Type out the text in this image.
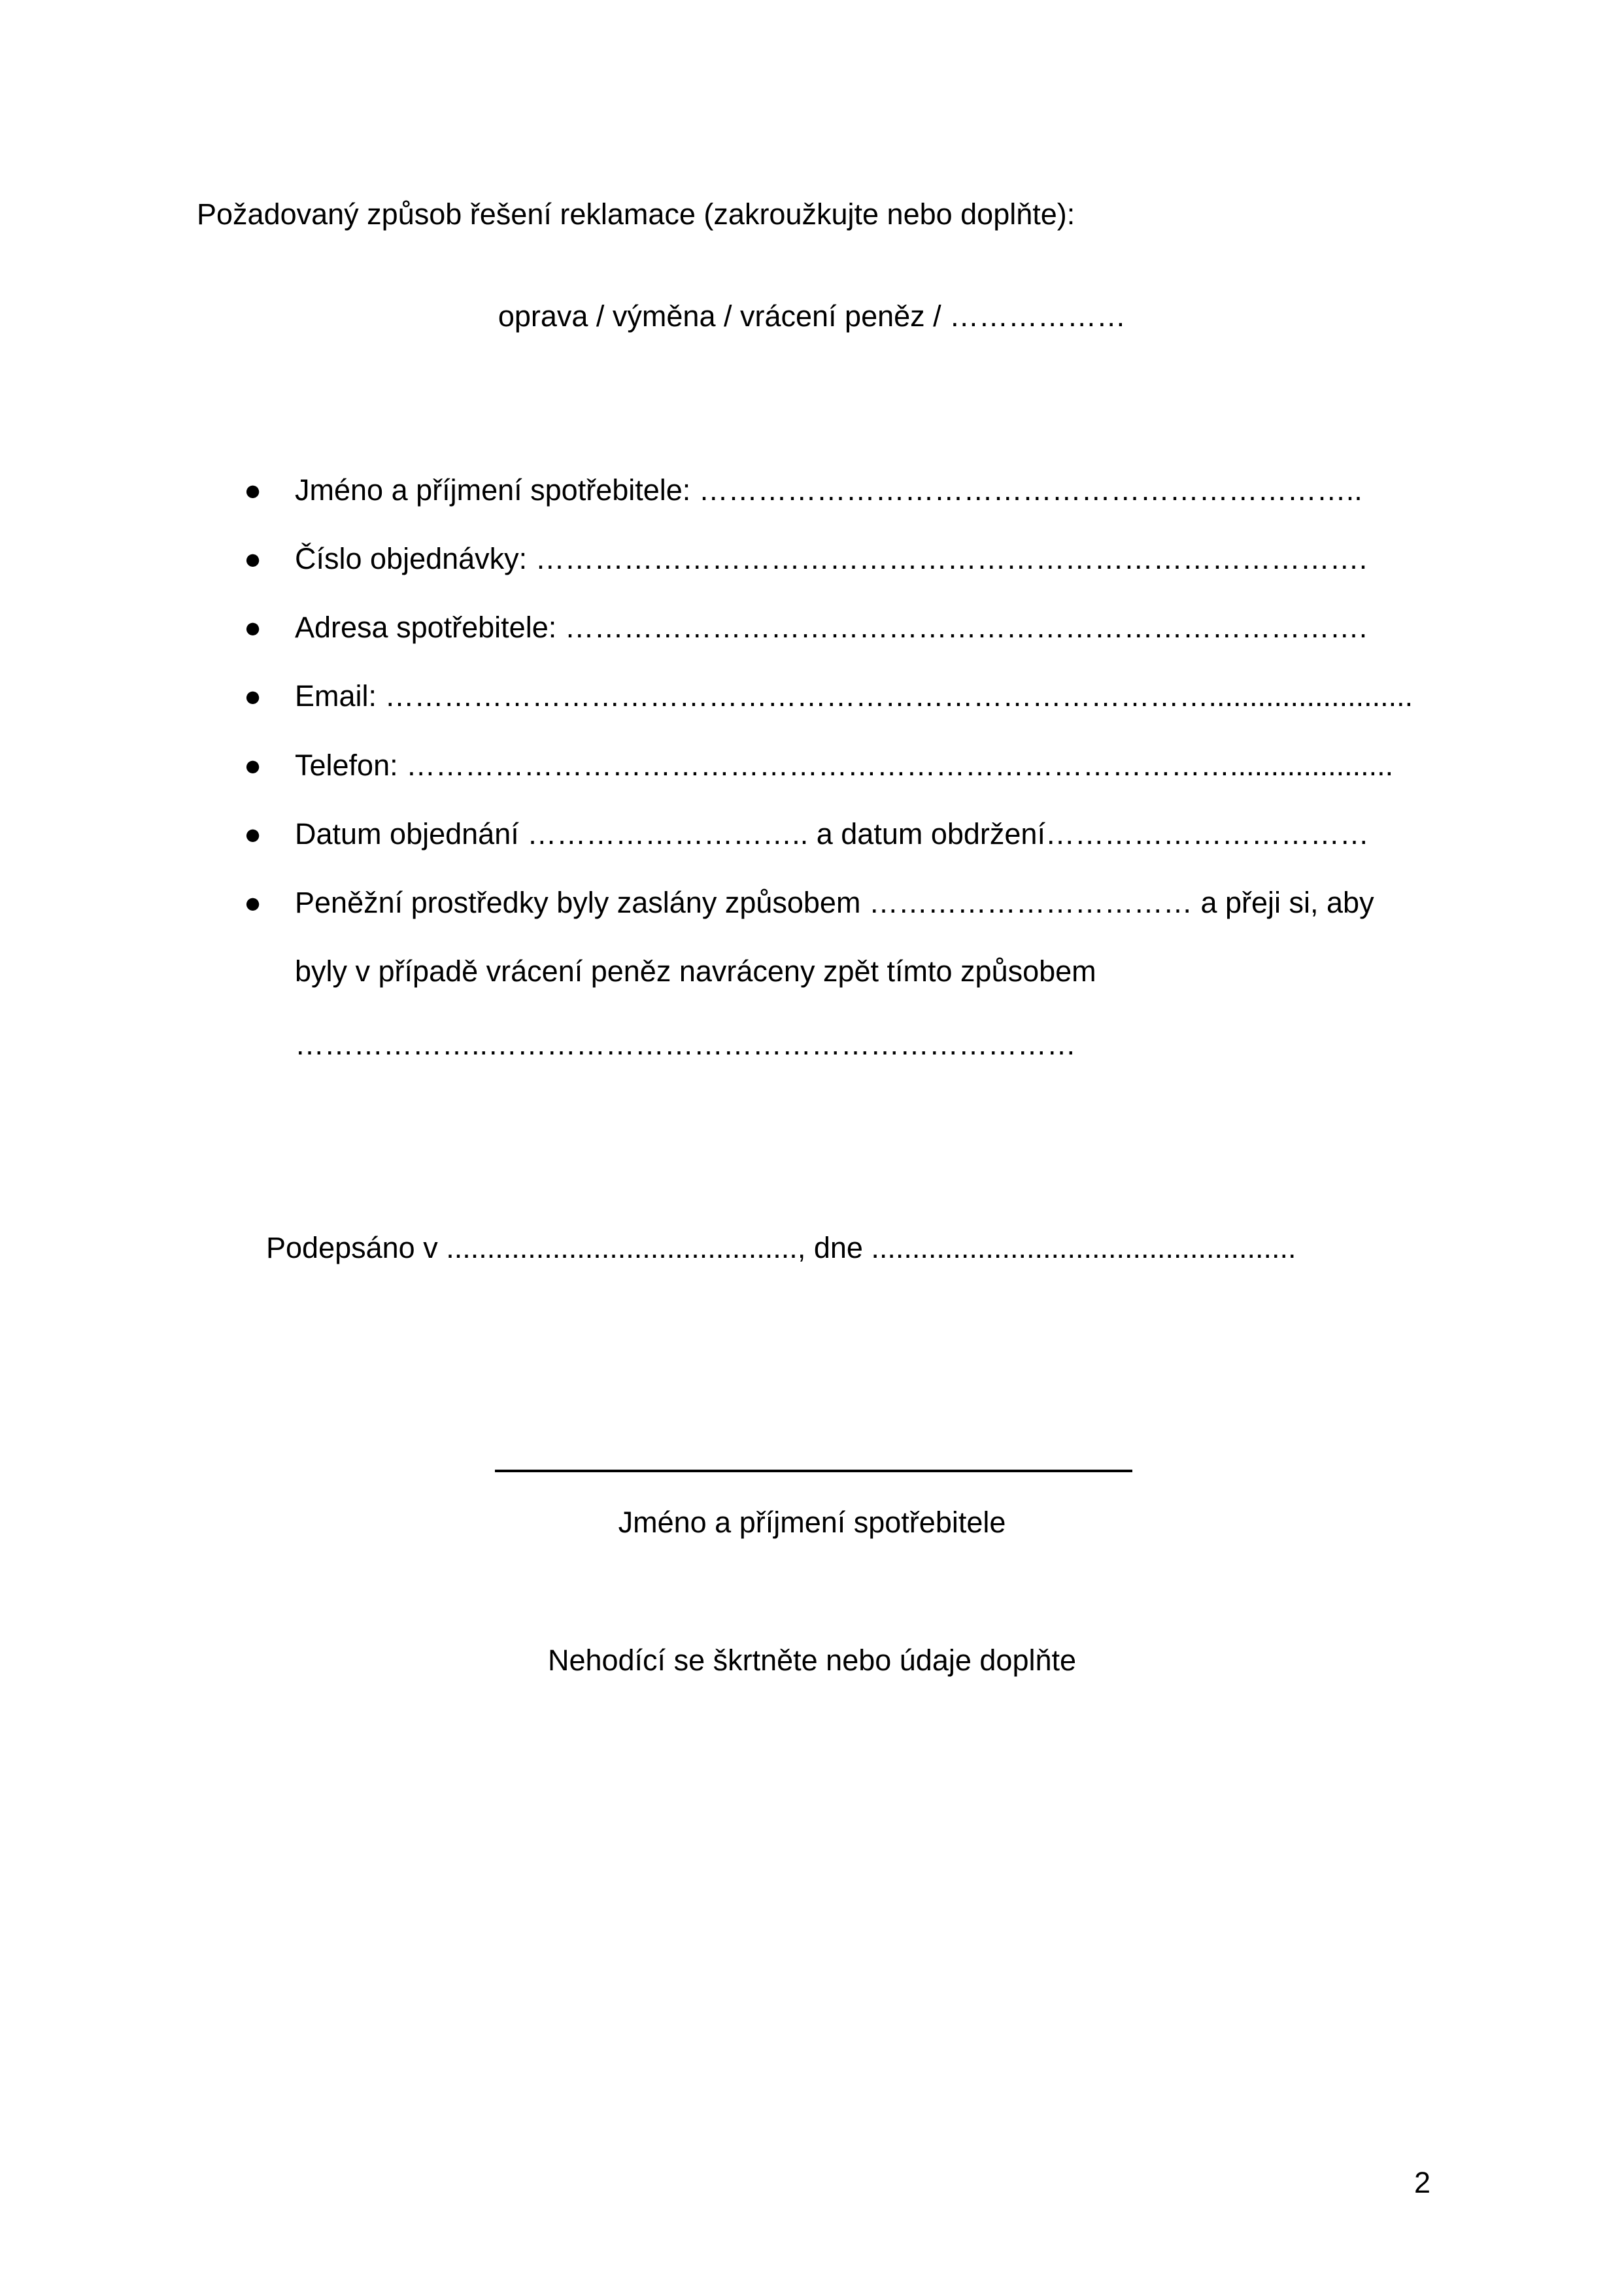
Požadovaný způsob řešení reklamace (zakroužkujte nebo doplňte):

oprava / výměna / vrácení peněz / ………………

● Jméno a příjmení spotřebitele: …………………………………………………………..
● Číslo objednávky: ………………………………………………………………………….
● Adresa spotřebitele: ……………………………………………………………………….
● Email: ………………………………………………………………………….........................
● Telefon: …………………………………………………………………………....................
● Datum objednání ……………………….. a datum obdržení……………………………
● Peněžní prostředky byly zaslány způsobem …………………………… a přeji si, aby
byly v případě vrácení peněz navráceny zpět tímto způsobem
………………..……………………………………………………

Podepsáno v ..........................................., dne ....................................................

Jméno a příjmení spotřebitele

Nehodící se škrtněte nebo údaje doplňte

2
